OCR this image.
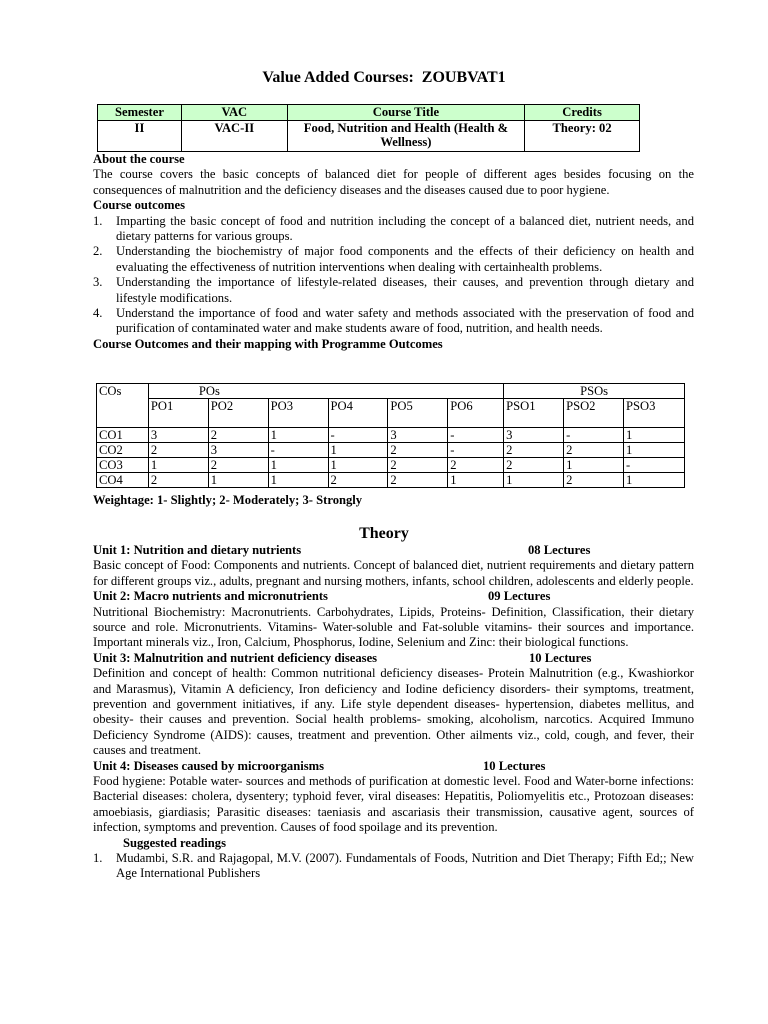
Value Added Courses: ZOUBVAT1
Semester	VAC	Course Title	Credits
II	VAC-II	Food, Nutrition and Health (Health & Wellness)	Theory: 02
About the course

The course covers the basic concepts of balanced diet for people of different ages besides focusing on the consequences of malnutrition and the deficiency diseases and the diseases caused due to poor hygiene.

Course outcomes
1. Imparting the basic concept of food and nutrition including the concept of a balanced diet, nutrient needs, and dietary patterns for various groups.
2. Understanding the biochemistry of major food components and the effects of their deficiency on health and evaluating the effectiveness of nutrition interventions when dealing with certainhealth problems.
3. Understanding the importance of lifestyle-related diseases, their causes, and prevention through dietary and lifestyle modifications.
4. Understand the importance of food and water safety and methods associated with the preservation of food and purification of contaminated water and make students aware of food, nutrition, and health needs.
Course Outcomes and their mapping with Programme Outcomes
COs	POs						PSOs		
	PO1	PO2	PO3	PO4	PO5	PO6	PSO1	PSO2	PSO3
CO1	3	2	1	-	3	-	3	-	1
CO2	2	3	-	1	2	-	2	2	1
CO3	1	2	1	1	2	2	2	1	-
CO4	2	1	1	2	2	1	1	2	1
Weightage: 1- Slightly; 2- Moderately; 3- Strongly
Theory
Unit 1: Nutrition and dietary nutrients	08 Lectures

Basic concept of Food: Components and nutrients. Concept of balanced diet, nutrient requirements and dietary pattern for different groups viz., adults, pregnant and nursing mothers, infants, school children, adolescents and elderly people.

Unit 2: Macro nutrients and micronutrients	09 Lectures

Nutritional Biochemistry: Macronutrients. Carbohydrates, Lipids, Proteins- Definition, Classification, their dietary source and role. Micronutrients. Vitamins- Water-soluble and Fat-soluble vitamins- their sources and importance. Important minerals viz., Iron, Calcium, Phosphorus, Iodine, Selenium and Zinc: their biological functions.

Unit 3: Malnutrition and nutrient deficiency diseases	10 Lectures

Definition and concept of health: Common nutritional deficiency diseases- Protein Malnutrition (e.g., Kwashiorkor and Marasmus), Vitamin A deficiency, Iron deficiency and Iodine deficiency disorders- their symptoms, treatment, prevention and government initiatives, if any. Life style dependent diseases- hypertension, diabetes mellitus, and obesity- their causes and prevention. Social health problems- smoking, alcoholism, narcotics. Acquired Immuno Deficiency Syndrome (AIDS): causes, treatment and prevention. Other ailments viz., cold, cough, and fever, their causes and treatment.

Unit 4: Diseases caused by microorganisms	10 Lectures

Food hygiene: Potable water- sources and methods of purification at domestic level. Food and Water-borne infections: Bacterial diseases: cholera, dysentery; typhoid fever, viral diseases: Hepatitis, Poliomyelitis etc., Protozoan diseases: amoebiasis, giardiasis; Parasitic diseases: taeniasis and ascariasis their transmission, causative agent, sources of infection, symptoms and prevention. Causes of food spoilage and its prevention.

Suggested readings
1. Mudambi, S.R. and Rajagopal, M.V. (2007). Fundamentals of Foods, Nutrition and Diet Therapy; Fifth Ed;; New Age International Publishers
